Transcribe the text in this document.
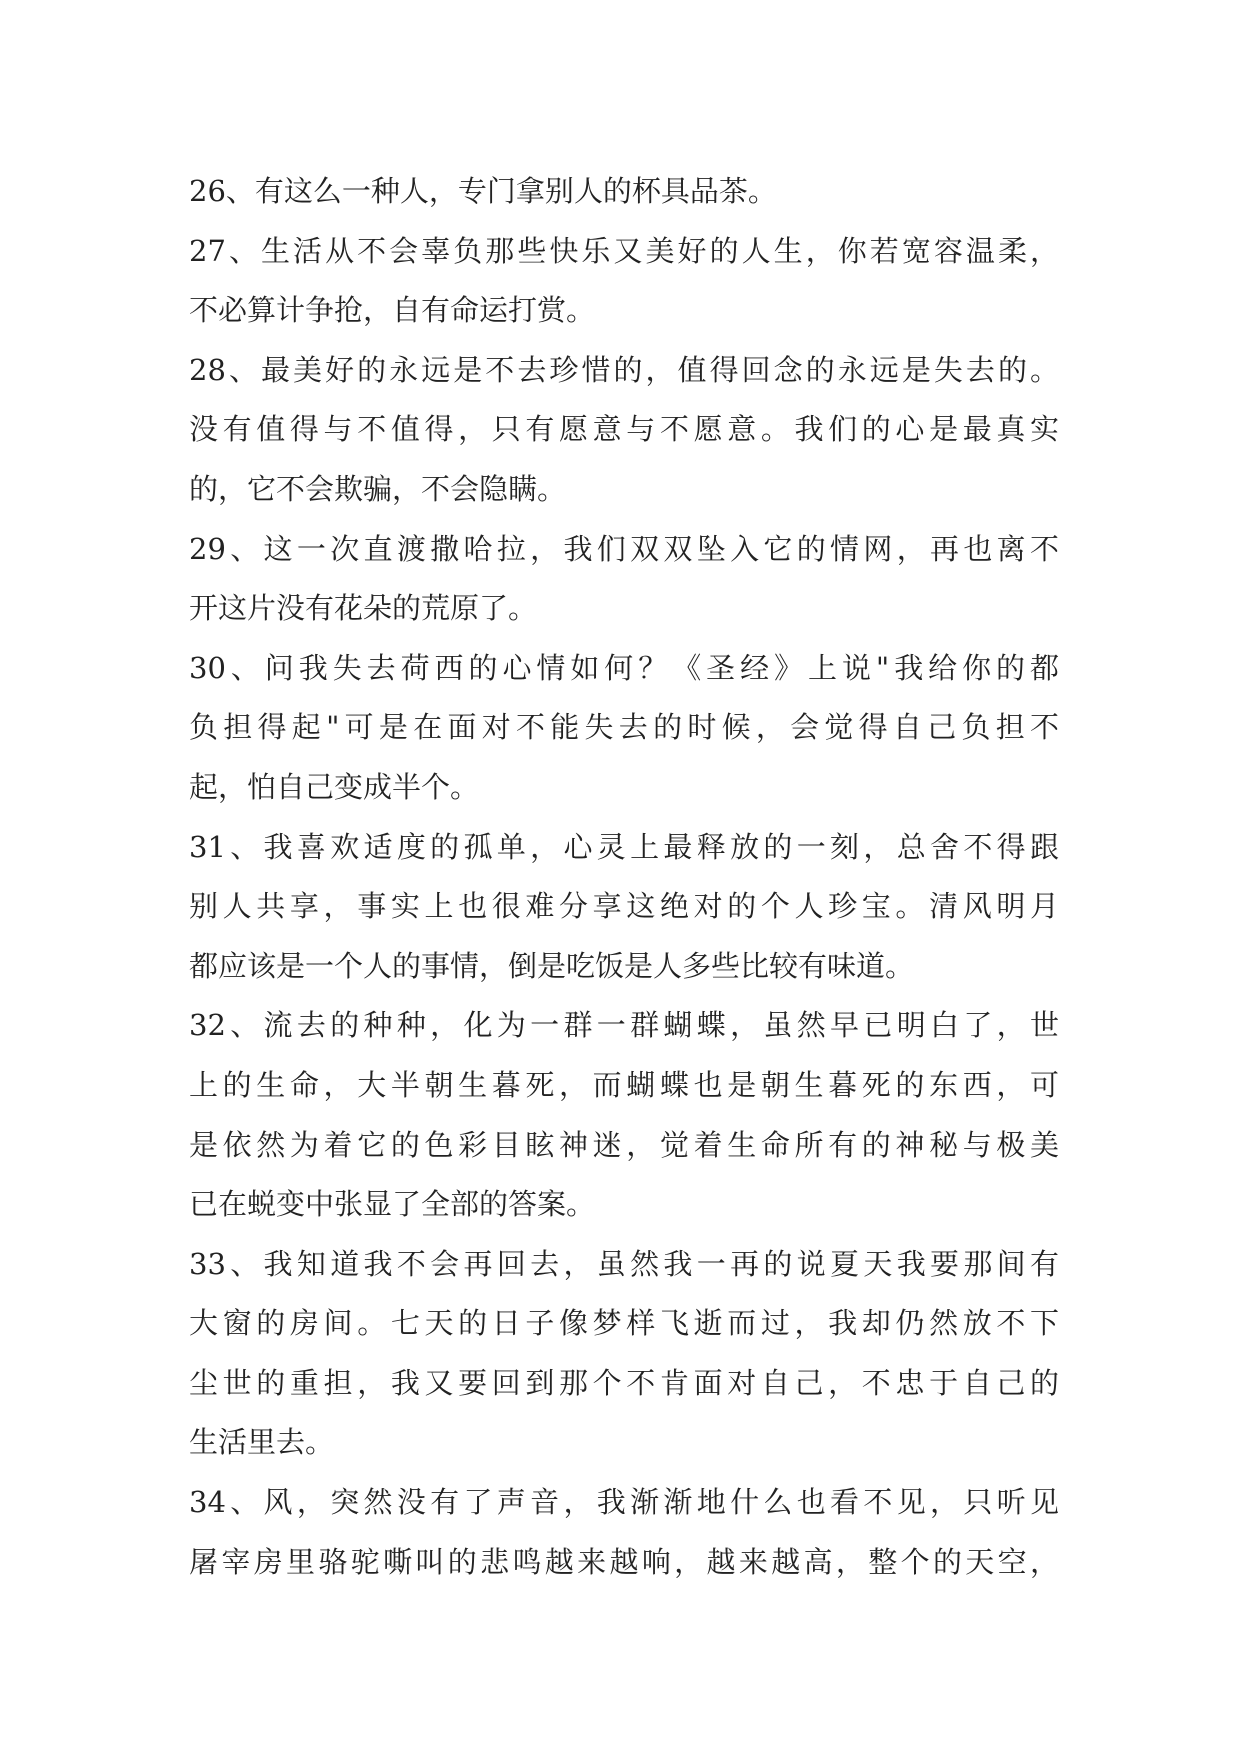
26、有这么一种人，专门拿别人的杯具品茶。
27、生活从不会辜负那些快乐又美好的人生，你若宽容温柔，
不必算计争抢，自有命运打赏。
28、最美好的永远是不去珍惜的，值得回念的永远是失去的。
没有值得与不值得，只有愿意与不愿意。我们的心是最真实
的，它不会欺骗，不会隐瞒。
29、这一次直渡撒哈拉，我们双双坠入它的情网，再也离不
开这片没有花朵的荒原了。
30、问我失去荷西的心情如何？《圣经》上说"我给你的都
负担得起"可是在面对不能失去的时候，会觉得自己负担不
起，怕自己变成半个。
31、我喜欢适度的孤单，心灵上最释放的一刻，总舍不得跟
别人共享，事实上也很难分享这绝对的个人珍宝。清风明月
都应该是一个人的事情，倒是吃饭是人多些比较有味道。
32、流去的种种，化为一群一群蝴蝶，虽然早已明白了，世
上的生命，大半朝生暮死，而蝴蝶也是朝生暮死的东西，可
是依然为着它的色彩目眩神迷，觉着生命所有的神秘与极美
已在蜕变中张显了全部的答案。
33、我知道我不会再回去，虽然我一再的说夏天我要那间有
大窗的房间。七天的日子像梦样飞逝而过，我却仍然放不下
尘世的重担，我又要回到那个不肯面对自己，不忠于自己的
生活里去。
34、风，突然没有了声音，我渐渐地什么也看不见，只听见
屠宰房里骆驼嘶叫的悲鸣越来越响，越来越高，整个的天空，
